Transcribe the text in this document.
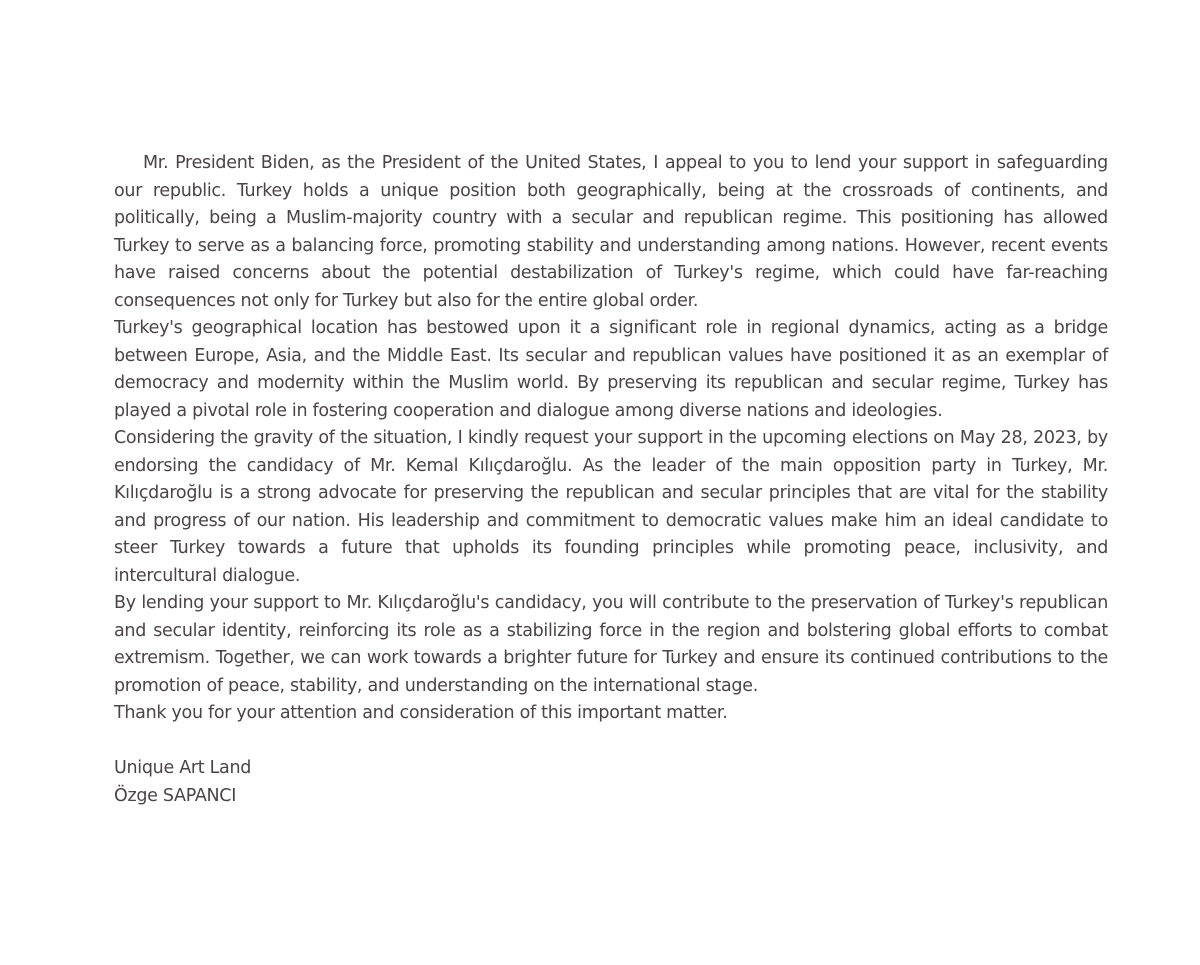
Mr. President Biden, as the President of the United States, I appeal to you to lend your support in safeguarding our republic. Turkey holds a unique position both geographically, being at the crossroads of continents, and politically, being a Muslim-majority country with a secular and republican regime. This positioning has allowed Turkey to serve as a balancing force, promoting stability and understanding among nations. However, recent events have raised concerns about the potential destabilization of Turkey's regime, which could have far-reaching consequences not only for Turkey but also for the entire global order.

Turkey's geographical location has bestowed upon it a significant role in regional dynamics, acting as a bridge between Europe, Asia, and the Middle East. Its secular and republican values have positioned it as an exemplar of democracy and modernity within the Muslim world. By preserving its republican and secular regime, Turkey has played a pivotal role in fostering cooperation and dialogue among diverse nations and ideologies.

Considering the gravity of the situation, I kindly request your support in the upcoming elections on May 28, 2023, by endorsing the candidacy of Mr. Kemal Kılıçdaroğlu. As the leader of the main opposition party in Turkey, Mr. Kılıçdaroğlu is a strong advocate for preserving the republican and secular principles that are vital for the stability and progress of our nation. His leadership and commitment to democratic values make him an ideal candidate to steer Turkey towards a future that upholds its founding principles while promoting peace, inclusivity, and intercultural dialogue.

By lending your support to Mr. Kılıçdaroğlu's candidacy, you will contribute to the preservation of Turkey's republican and secular identity, reinforcing its role as a stabilizing force in the region and bolstering global efforts to combat extremism. Together, we can work towards a brighter future for Turkey and ensure its continued contributions to the promotion of peace, stability, and understanding on the international stage.

Thank you for your attention and consideration of this important matter.

Unique Art Land
Özge SAPANCI
